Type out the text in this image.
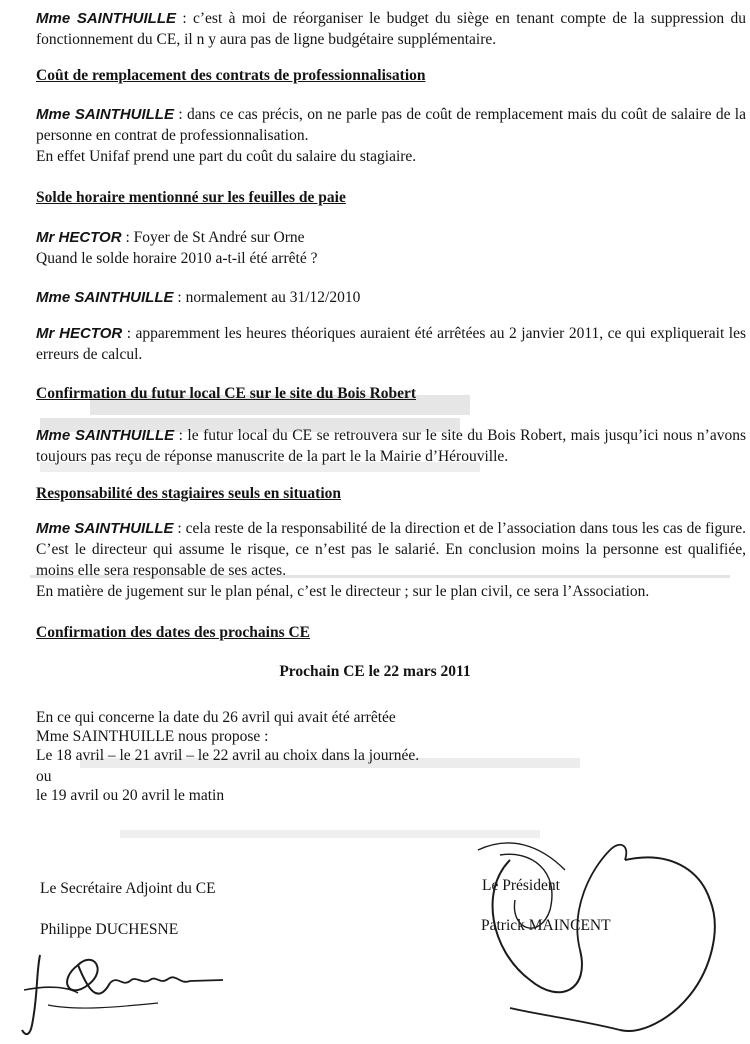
Mme SAINTHUILLE : c’est à moi de réorganiser le budget du siège en tenant compte de la suppression du fonctionnement du CE, il n y aura pas de ligne budgétaire supplémentaire.

Coût de remplacement des contrats de professionnalisation

Mme SAINTHUILLE : dans ce cas précis, on ne parle pas de coût de remplacement mais du coût de salaire de la personne en contrat de professionnalisation.

En effet Unifaf prend une part du coût du salaire du stagiaire.

Solde horaire mentionné sur les feuilles de paie

Mr HECTOR : Foyer de St André sur Orne

Quand le solde horaire 2010 a-t-il été arrêté ?

Mme SAINTHUILLE : normalement au 31/12/2010

Mr HECTOR : apparemment les heures théoriques auraient été arrêtées au 2 janvier 2011, ce qui expliquerait les erreurs de calcul.

Confirmation du futur local CE sur le site du Bois Robert

Mme SAINTHUILLE : le futur local du CE se retrouvera sur le site du Bois Robert, mais jusqu’ici nous n’avons toujours pas reçu de réponse manuscrite de la part le la Mairie d’Hérouville.

Responsabilité des stagiaires seuls en situation

Mme SAINTHUILLE : cela reste de la responsabilité de la direction et de l’association dans tous les cas de figure. C’est le directeur qui assume le risque, ce n’est pas le salarié. En conclusion moins la personne est qualifiée, moins elle sera responsable de ses actes.

En matière de jugement sur le plan pénal, c’est le directeur ; sur le plan civil, ce sera l’Association.

Confirmation des dates des prochains CE

Prochain CE le 22 mars 2011

En ce qui concerne la date du 26 avril qui avait été arrêtée

Mme SAINTHUILLE nous propose :

Le 18 avril – le 21 avril – le 22 avril au choix dans la journée.

ou

le 19 avril ou 20 avril le matin

Le Secrétaire Adjoint du CE
Philippe DUCHESNE
Le Président
Patrick MAINCENT
